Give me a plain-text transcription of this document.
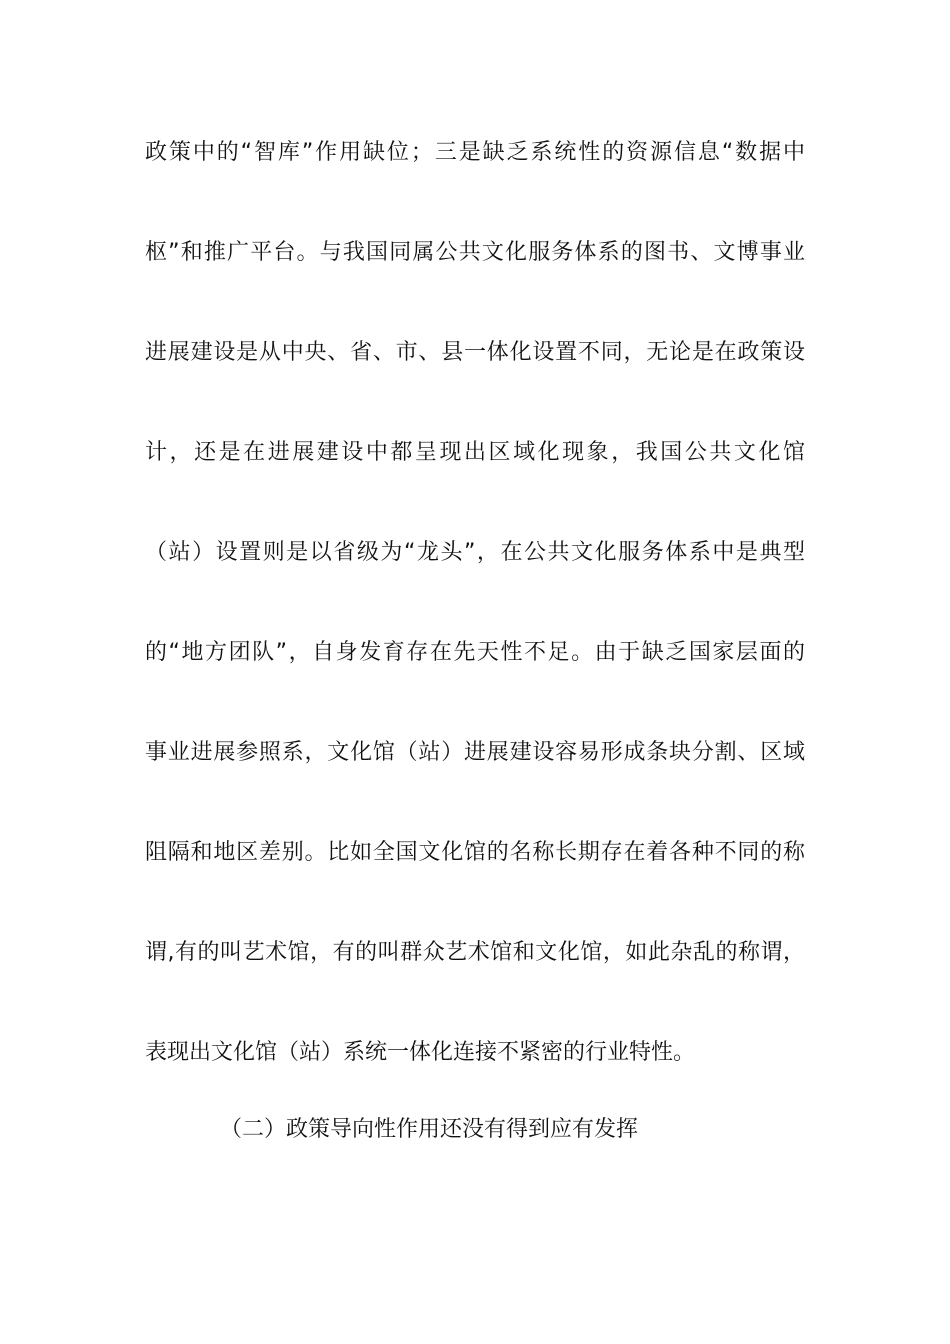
政策中的“智库”作用缺位；三是缺乏系统性的资源信息“数据中
枢”和推广平台。与我国同属公共文化服务体系的图书、文博事业
进展建设是从中央、省、市、县一体化设置不同，无论是在政策设
计，还是在进展建设中都呈现出区域化现象，我国公共文化馆
（站）设置则是以省级为“龙头”，在公共文化服务体系中是典型
的“地方团队”，自身发育存在先天性不足。由于缺乏国家层面的
事业进展参照系，文化馆（站）进展建设容易形成条块分割、区域
阻隔和地区差别。比如全国文化馆的名称长期存在着各种不同的称
谓,有的叫艺术馆，有的叫群众艺术馆和文化馆，如此杂乱的称谓，
表现出文化馆（站）系统一体化连接不紧密的行业特性。
（二）政策导向性作用还没有得到应有发挥
